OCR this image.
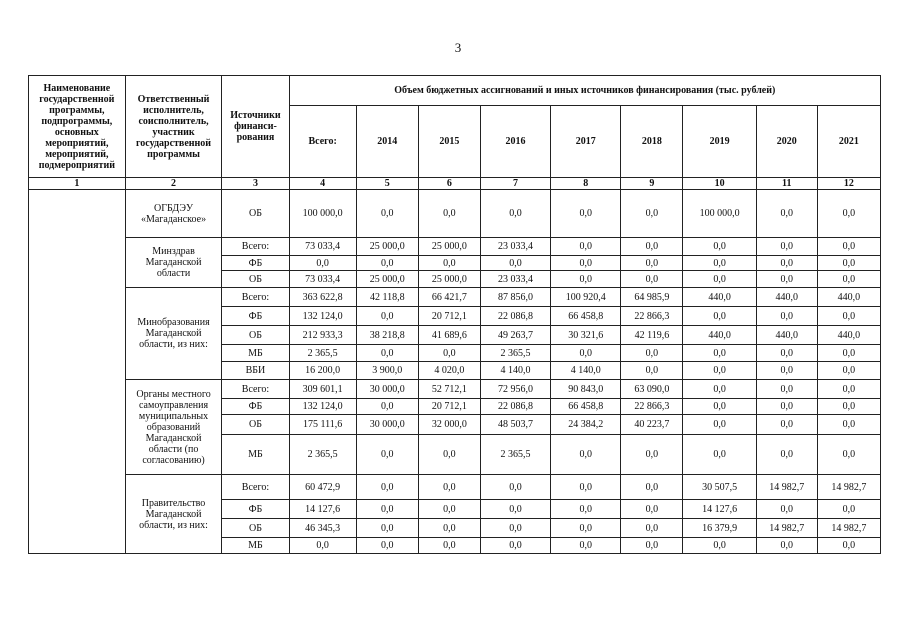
3
Наименование государственной программы, подпрограммы, основных мероприятий, мероприятий, подмероприятий	Ответственный исполнитель, соисполнитель, участник государственной программы	Источники финанси-рования	Объем бюджетных ассигнований и иных источников финансирования (тыс. рублей)								
			Всего:	2014	2015	2016	2017	2018	2019	2020	2021
1	2	3	4	5	6	7	8	9	10	11	12
	ОГБДЭУ «Магаданское»	ОБ	100 000,0	0,0	0,0	0,0	0,0	0,0	100 000,0	0,0	0,0
	Минздрав Магаданской области	Всего:	73 033,4	25 000,0	25 000,0	23 033,4	0,0	0,0	0,0	0,0	0,0
		ФБ	0,0	0,0	0,0	0,0	0,0	0,0	0,0	0,0	0,0
		ОБ	73 033,4	25 000,0	25 000,0	23 033,4	0,0	0,0	0,0	0,0	0,0
	Минобразования Магаданской области, из них:	Всего:	363 622,8	42 118,8	66 421,7	87 856,0	100 920,4	64 985,9	440,0	440,0	440,0
		ФБ	132 124,0	0,0	20 712,1	22 086,8	66 458,8	22 866,3	0,0	0,0	0,0
		ОБ	212 933,3	38 218,8	41 689,6	49 263,7	30 321,6	42 119,6	440,0	440,0	440,0
		МБ	2 365,5	0,0	0,0	2 365,5	0,0	0,0	0,0	0,0	0,0
		ВБИ	16 200,0	3 900,0	4 020,0	4 140,0	4 140,0	0,0	0,0	0,0	0,0
	Органы местного самоуправления муниципальных образований Магаданской области (по согласованию)	Всего:	309 601,1	30 000,0	52 712,1	72 956,0	90 843,0	63 090,0	0,0	0,0	0,0
		ФБ	132 124,0	0,0	20 712,1	22 086,8	66 458,8	22 866,3	0,0	0,0	0,0
		ОБ	175 111,6	30 000,0	32 000,0	48 503,7	24 384,2	40 223,7	0,0	0,0	0,0
		МБ	2 365,5	0,0	0,0	2 365,5	0,0	0,0	0,0	0,0	0,0
	Правительство Магаданской области, из них:	Всего:	60 472,9	0,0	0,0	0,0	0,0	0,0	30 507,5	14 982,7	14 982,7
		ФБ	14 127,6	0,0	0,0	0,0	0,0	0,0	14 127,6	0,0	0,0
		ОБ	46 345,3	0,0	0,0	0,0	0,0	0,0	16 379,9	14 982,7	14 982,7
		МБ	0,0	0,0	0,0	0,0	0,0	0,0	0,0	0,0	0,0
